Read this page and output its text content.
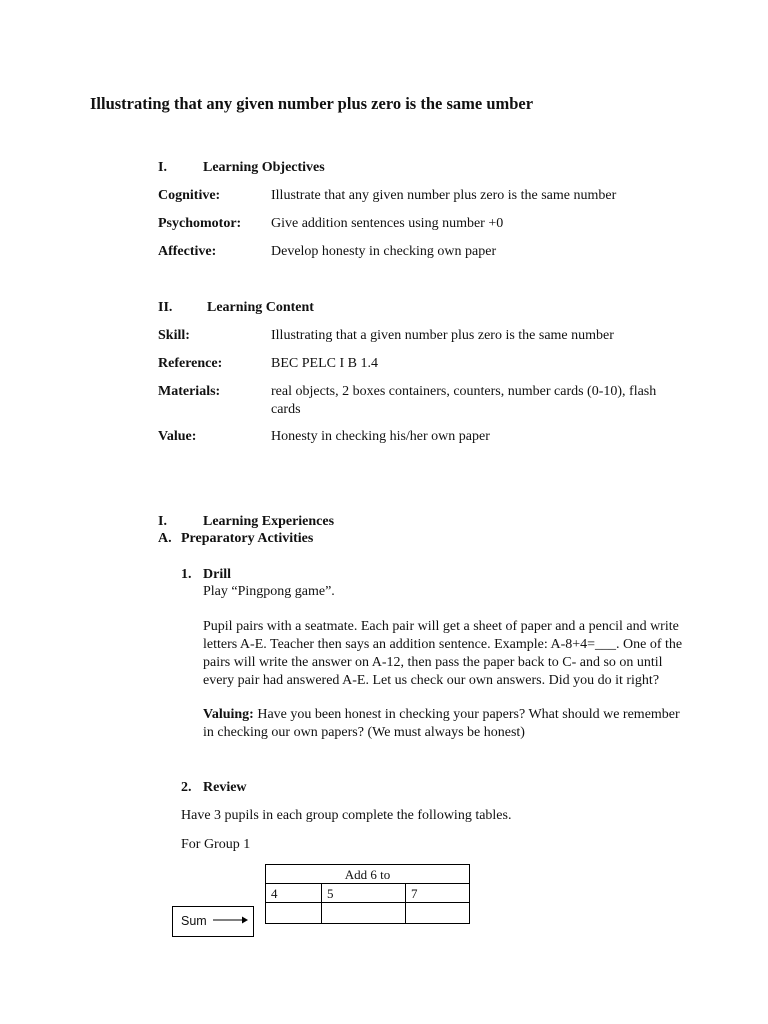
Illustrating that any given number plus zero is the same umber
I.	Learning Objectives
Cognitive:	Illustrate that any given number plus zero is the same number
Psychomotor: Give addition sentences using number +0
Affective:	Develop honesty in checking own paper
II. Learning Content
Skill:	Illustrating that a given number plus zero is the same number
Reference:	BEC PELC I B 1.4
Materials:	real objects, 2 boxes containers, counters, number cards (0-10), flash cards
Value:	Honesty in checking his/her own paper
I.	Learning Experiences
A. Preparatory Activities
1. Drill
Play “Pingpong game”.
Pupil pairs with a seatmate. Each pair will get a sheet of paper and a pencil and write letters A-E. Teacher then says an addition sentence. Example: A-8+4=___. One of the pairs will write the answer on A-12, then pass the paper back to C- and so on until every pair had answered A-E. Let us check our own answers. Did you do it right?
Valuing: Have you been honest in checking your papers? What should we remember in checking our own papers? (We must always be honest)
2. Review
Have 3 pupils in each group complete the following tables.
For Group 1
Add 6 to		
4	5	7

Sum
